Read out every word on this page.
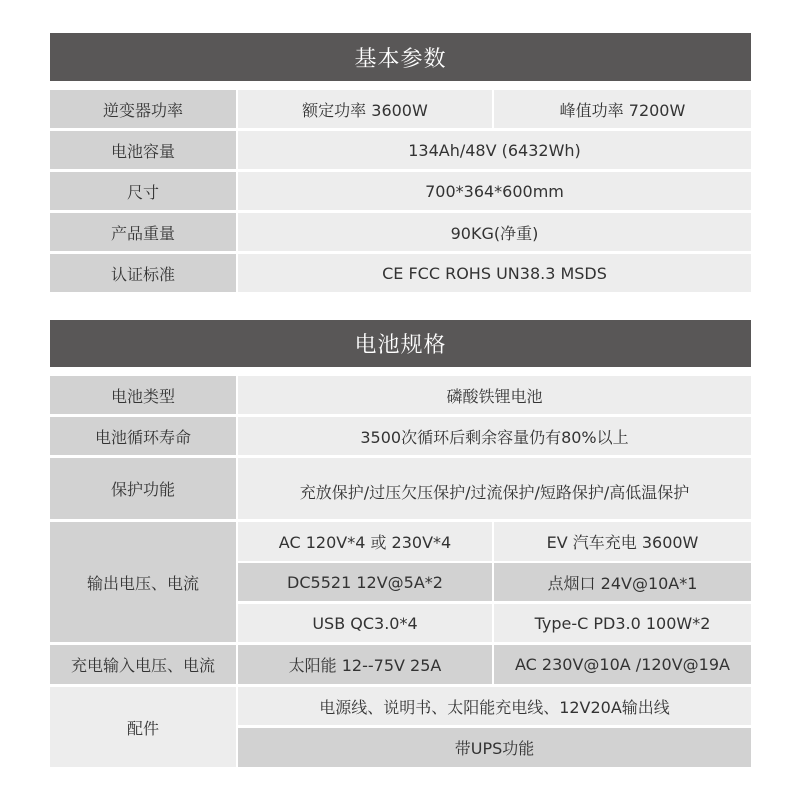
基本参数
逆变器功率	额定功率 3600W	峰值功率 7200W
电池容量	134Ah/48V (6432Wh)
尺寸	700*364*600mm
产品重量	90KG(净重)
认证标准	CE FCC ROHS UN38.3 MSDS
电池规格
电池类型	磷酸铁锂电池
电池循环寿命	3500次循环后剩余容量仍有80%以上
保护功能	充放保护/过压欠压保护/过流保护/短路保护/高低温保护
输出电压、电流
AC 120V*4 或 230V*4	EV 汽车充电 3600W
DC5521 12V@5A*2	点烟口 24V@10A*1
USB QC3.0*4	Type-C PD3.0 100W*2
充电输入电压、电流	太阳能 12--75V 25A	AC 230V@10A /120V@19A
配件
电源线、说明书、太阳能充电线、12V20A输出线
带UPS功能
